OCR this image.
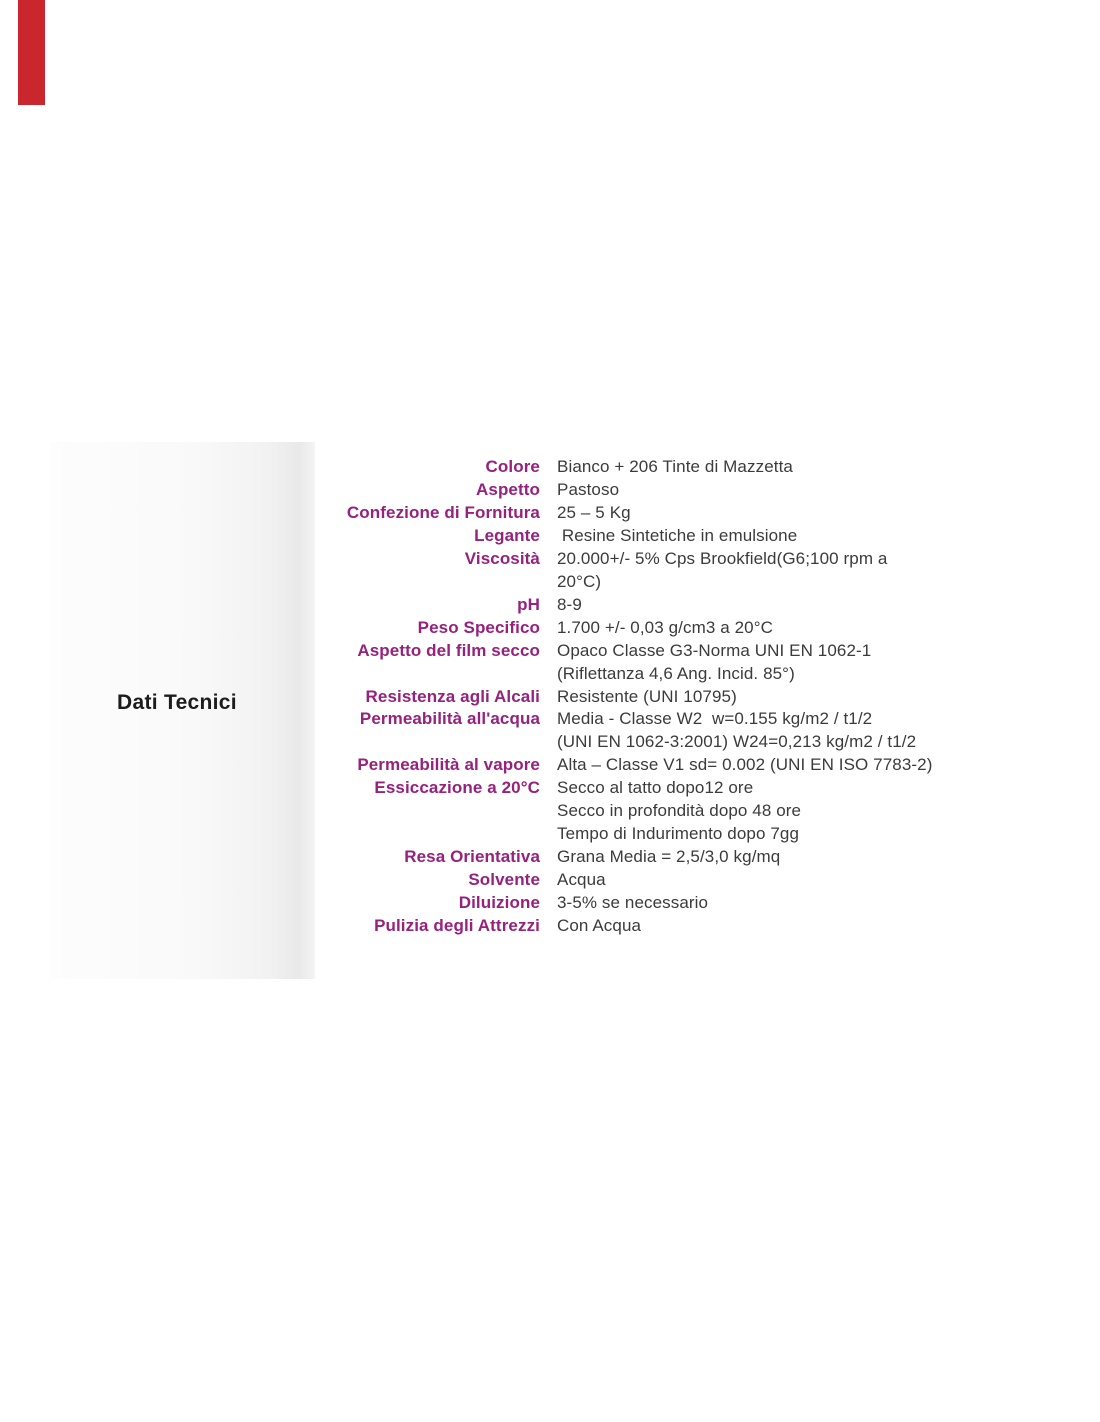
Dati Tecnici
Colore Bianco + 206 Tinte di Mazzetta
Aspetto Pastoso
Confezione di Fornitura 25 – 5 Kg
Legante Resine Sintetiche in emulsione
Viscosità 20.000+/- 5% Cps Brookfield(G6;100 rpm a
20°C)
pH 8-9
Peso Specifico 1.700 +/- 0,03 g/cm3 a 20°C
Aspetto del film secco Opaco Classe G3-Norma UNI EN 1062-1
(Riflettanza 4,6 Ang. Incid. 85°)
Resistenza agli Alcali Resistente (UNI 10795)
Permeabilità all'acqua Media - Classe W2  w=0.155 kg/m2 / t1/2
(UNI EN 1062-3:2001) W24=0,213 kg/m2 / t1/2
Permeabilità al vapore Alta – Classe V1 sd= 0.002 (UNI EN ISO 7783-2)
Essiccazione a 20°C Secco al tatto dopo12 ore
Secco in profondità dopo 48 ore
Tempo di Indurimento dopo 7gg
Resa Orientativa Grana Media = 2,5/3,0 kg/mq
Solvente Acqua
Diluizione 3-5% se necessario
Pulizia degli Attrezzi Con Acqua
